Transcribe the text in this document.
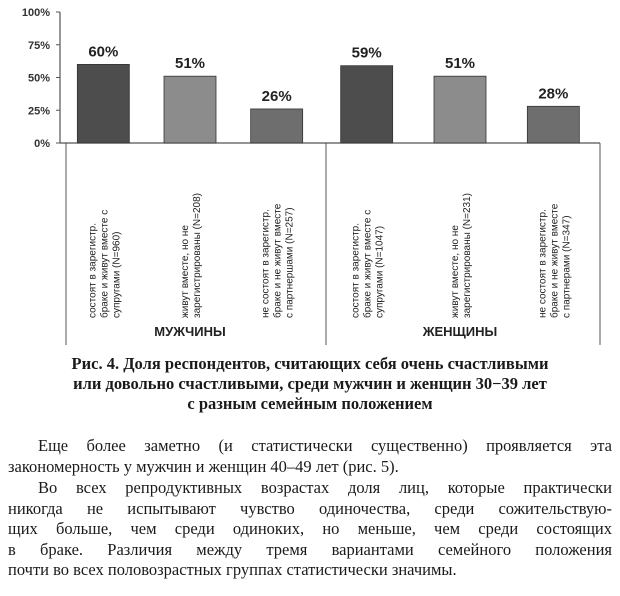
0%
25%
50%
75%
100%
60%
состоят в зарегистр. браке и живут вместе с супругами (N=960)
51%
живут вместе, но не зарегистрированы (N=208)
26%
не состоят в зарегистр. браке и не живут вместе с партнершами (N=257)
МУЖЧИНЫ
59%
состоят в зарегистр. браке и живут вместе с супругами (N=1047)
51%
живут вместе, но не зарегистрированы (N=231)
28%
не состоят в зарегистр. браке и не живут вместе с партнерами (N=347)
ЖЕНЩИНЫ
Рис. 4. Доля респондентов, считающих себя очень счастливыми
или довольно счастливыми, среди мужчин и женщин 30−39 лет
с разным семейным положением
Еще более заметно (и статистически существенно) проявляется эта
закономерность у мужчин и женщин 40–49 лет (рис. 5).
Во всех репродуктивных возрастах доля лиц, которые практически
никогда не испытывают чувство одиночества, среди сожительствую-
щих больше, чем среди одиноких, но меньше, чем среди состоящих
в браке. Различия между тремя вариантами семейного положения
почти во всех половозрастных группах статистически значимы.
